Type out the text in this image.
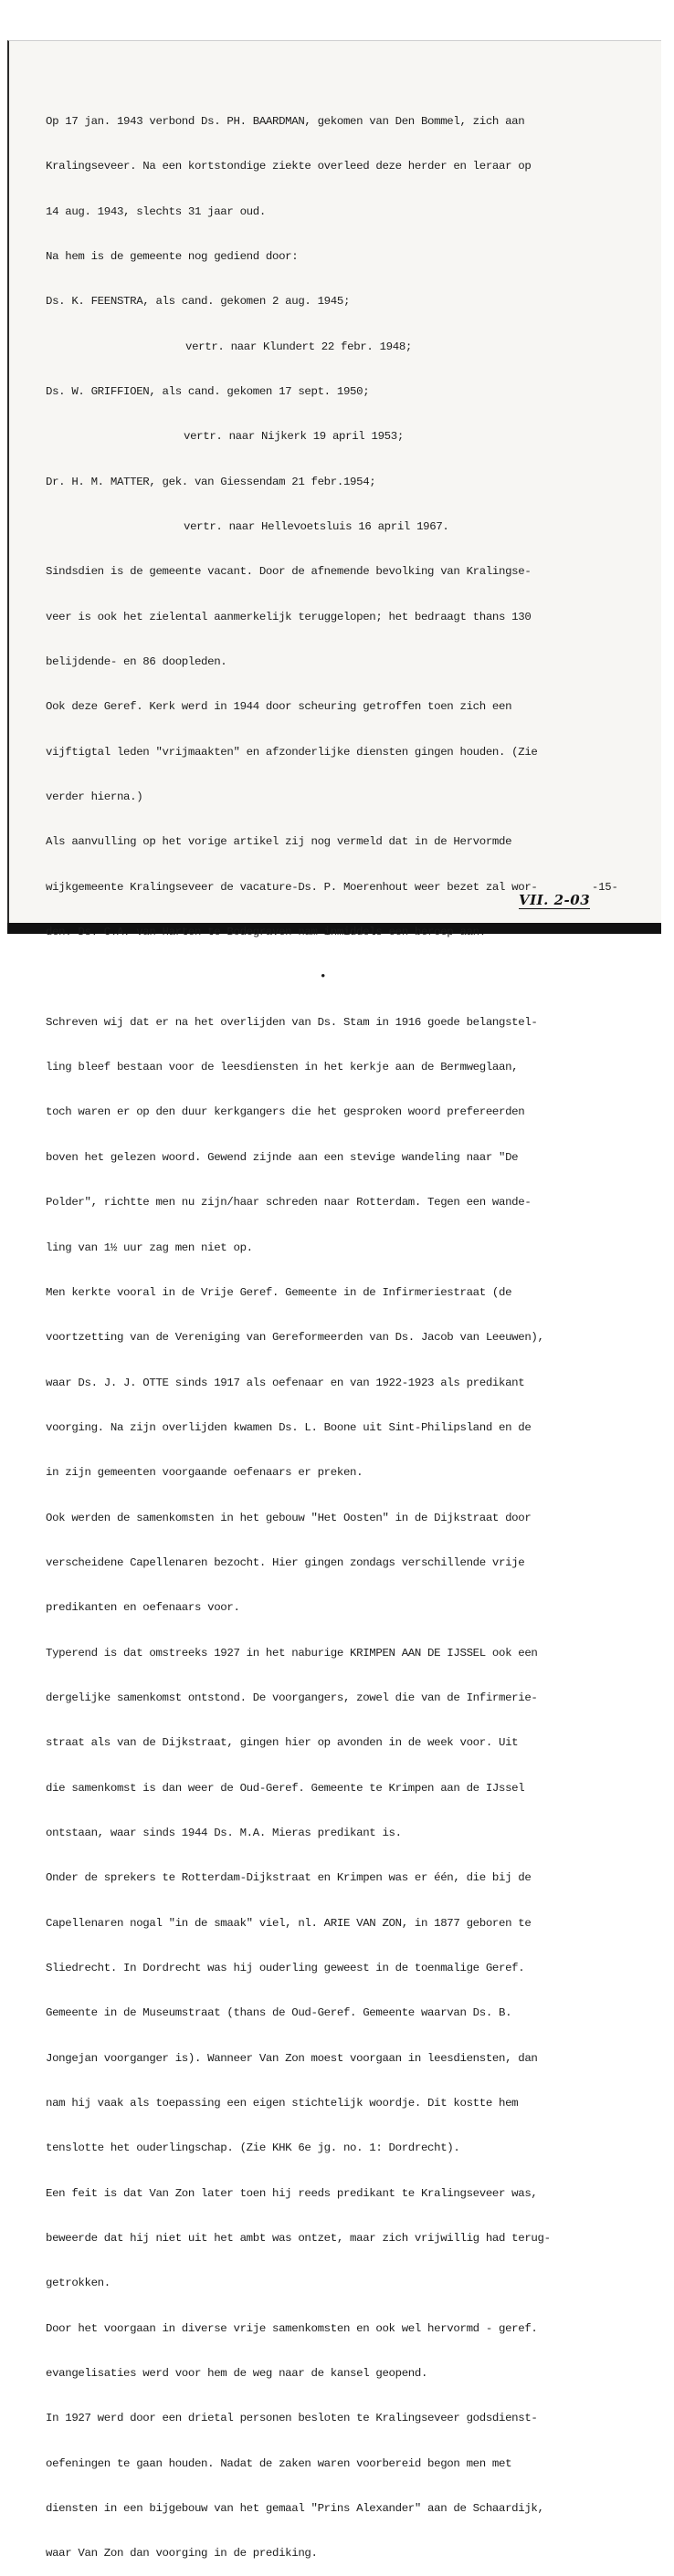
Op 17 jan. 1943 verbond Ds. PH. BAARDMAN, gekomen van Den Bommel, zich aan

Kralingseveer. Na een kortstondige ziekte overleed deze herder en leraar op

14 aug. 1943, slechts 31 jaar oud.

Na hem is de gemeente nog gediend door:

Ds. K. FEENSTRA, als cand. gekomen 2 aug. 1945;

vertr. naar Klundert 22 febr. 1948;

Ds. W. GRIFFIOEN, als cand. gekomen 17 sept. 1950;

vertr. naar Nijkerk 19 april 1953;

Dr. H. M. MATTER, gek. van Giessendam 21 febr.1954;

vertr. naar Hellevoetsluis 16 april 1967.

Sindsdien is de gemeente vacant. Door de afnemende bevolking van Kralingse-

veer is ook het zielental aanmerkelijk teruggelopen; het bedraagt thans 130

belijdende- en 86 doopleden.

Ook deze Geref. Kerk werd in 1944 door scheuring getroffen toen zich een

vijftigtal leden "vrijmaakten" en afzonderlijke diensten gingen houden. (Zie

verder hierna.)

Als aanvulling op het vorige artikel zij nog vermeld dat in de Hervormde

wijkgemeente Kralingseveer de vacature-Ds. P. Moerenhout weer bezet zal wor-

den. Ds. C.A. van Harten te Bodegraven nam inmiddels een beroep aan.

•

Schreven wij dat er na het overlijden van Ds. Stam in 1916 goede belangstel-

ling bleef bestaan voor de leesdiensten in het kerkje aan de Bermweglaan,

toch waren er op den duur kerkgangers die het gesproken woord prefereerden

boven het gelezen woord. Gewend zijnde aan een stevige wandeling naar "De

Polder", richtte men nu zijn/haar schreden naar Rotterdam. Tegen een wande-

ling van 1½ uur zag men niet op.

Men kerkte vooral in de Vrije Geref. Gemeente in de Infirmeriestraat (de

voortzetting van de Vereniging van Gereformeerden van Ds. Jacob van Leeuwen),

waar Ds. J. J. OTTE sinds 1917 als oefenaar en van 1922-1923 als predikant

voorging. Na zijn overlijden kwamen Ds. L. Boone uit Sint-Philipsland en de

in zijn gemeenten voorgaande oefenaars er preken.

Ook werden de samenkomsten in het gebouw "Het Oosten" in de Dijkstraat door

verscheidene Capellenaren bezocht. Hier gingen zondags verschillende vrije

predikanten en oefenaars voor.

Typerend is dat omstreeks 1927 in het naburige KRIMPEN AAN DE IJSSEL ook een

dergelijke samenkomst ontstond. De voorgangers, zowel die van de Infirmerie-

straat als van de Dijkstraat, gingen hier op avonden in de week voor. Uit

die samenkomst is dan weer de Oud-Geref. Gemeente te Krimpen aan de IJssel

ontstaan, waar sinds 1944 Ds. M.A. Mieras predikant is.

Onder de sprekers te Rotterdam-Dijkstraat en Krimpen was er één, die bij de

Capellenaren nogal "in de smaak" viel, nl. ARIE VAN ZON, in 1877 geboren te

Sliedrecht. In Dordrecht was hij ouderling geweest in de toenmalige Geref.

Gemeente in de Museumstraat (thans de Oud-Geref. Gemeente waarvan Ds. B.

Jongejan voorganger is). Wanneer Van Zon moest voorgaan in leesdiensten, dan

nam hij vaak als toepassing een eigen stichtelijk woordje. Dit kostte hem

tenslotte het ouderlingschap. (Zie KHK 6e jg. no. 1: Dordrecht).

Een feit is dat Van Zon later toen hij reeds predikant te Kralingseveer was,

beweerde dat hij niet uit het ambt was ontzet, maar zich vrijwillig had terug-

getrokken.

Door het voorgaan in diverse vrije samenkomsten en ook wel hervormd - geref.

evangelisaties werd voor hem de weg naar de kansel geopend.

In 1927 werd door een drietal personen besloten te Kralingseveer godsdienst-

oefeningen te gaan houden. Nadat de zaken waren voorbereid begon men met

diensten in een bijgebouw van het gemaal "Prins Alexander" aan de Schaardijk,

waar Van Zon dan voorging in de prediking.

-15-
VII. 2-03
